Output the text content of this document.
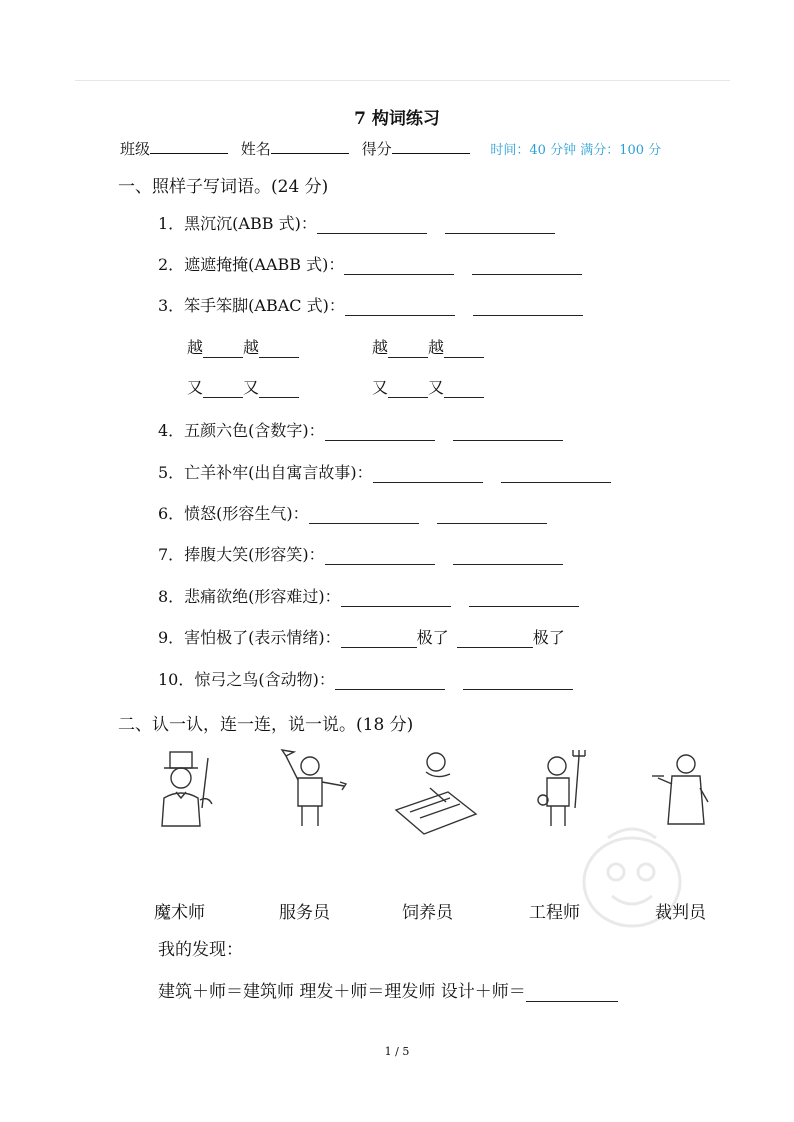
7 构词练习
班级	姓名	得分	时间：40 分钟 满分：100 分
一、照样子写词语。(24 分)
1．黑沉沉(ABB 式)：
2．遮遮掩掩(AABB 式)：
3．笨手笨脚(ABAC 式)：
越	越	越	越
又	又	又	又
4．五颜六色(含数字)：
5．亡羊补牢(出自寓言故事)：
6．愤怒(形容生气)：
7．捧腹大笑(形容笑)：
8．悲痛欲绝(形容难过)：
9．害怕极了(表示情绪)：	极了	极了
10．惊弓之鸟(含动物)：
二、认一认，连一连，说一说。(18 分)
魔术师	服务员	饲养员	工程师	裁判员
我的发现：
建筑＋师＝建筑师 理发＋师＝理发师 设计＋师＝
1 / 5
